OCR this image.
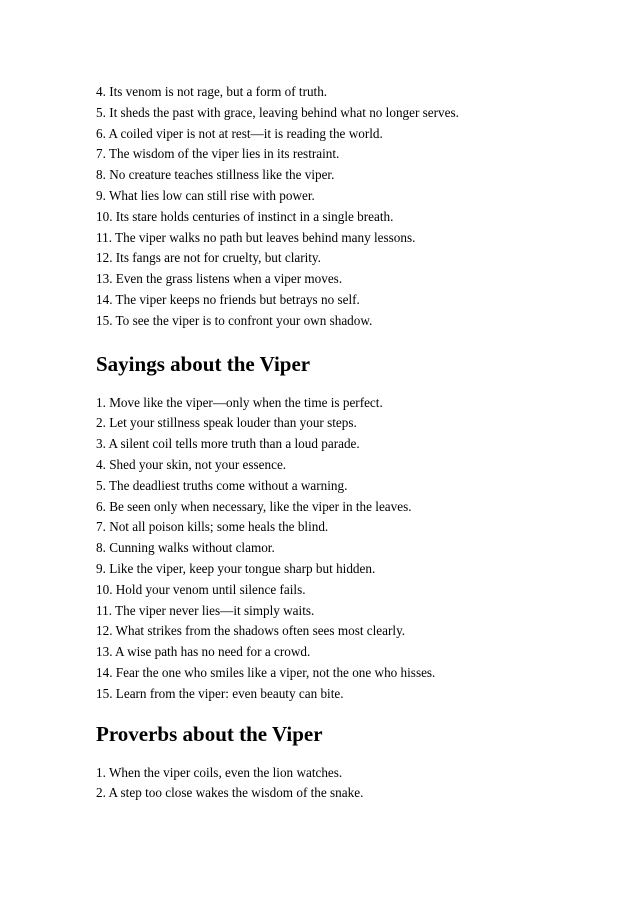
4. Its venom is not rage, but a form of truth.

5. It sheds the past with grace, leaving behind what no longer serves.

6. A coiled viper is not at rest—it is reading the world.

7. The wisdom of the viper lies in its restraint.

8. No creature teaches stillness like the viper.

9. What lies low can still rise with power.

10. Its stare holds centuries of instinct in a single breath.

11. The viper walks no path but leaves behind many lessons.

12. Its fangs are not for cruelty, but clarity.

13. Even the grass listens when a viper moves.

14. The viper keeps no friends but betrays no self.

15. To see the viper is to confront your own shadow.

Sayings about the Viper

1. Move like the viper—only when the time is perfect.

2. Let your stillness speak louder than your steps.

3. A silent coil tells more truth than a loud parade.

4. Shed your skin, not your essence.

5. The deadliest truths come without a warning.

6. Be seen only when necessary, like the viper in the leaves.

7. Not all poison kills; some heals the blind.

8. Cunning walks without clamor.

9. Like the viper, keep your tongue sharp but hidden.

10. Hold your venom until silence fails.

11. The viper never lies—it simply waits.

12. What strikes from the shadows often sees most clearly.

13. A wise path has no need for a crowd.

14. Fear the one who smiles like a viper, not the one who hisses.

15. Learn from the viper: even beauty can bite.

Proverbs about the Viper

1. When the viper coils, even the lion watches.

2. A step too close wakes the wisdom of the snake.
